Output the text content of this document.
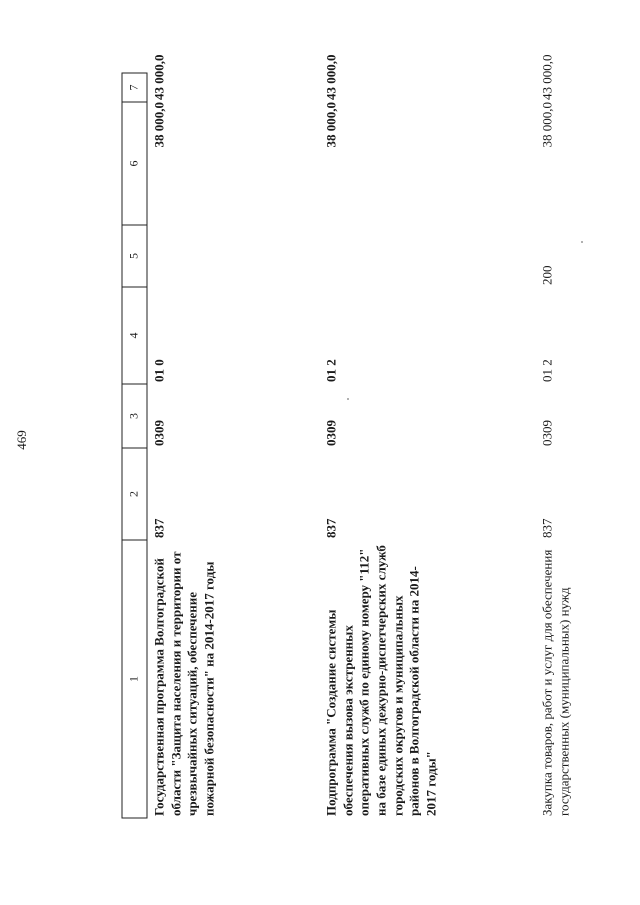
469
1	2	3	4	5	6	7
Государственная программа Волгоградской области "Защита населения и территории от чрезвычайных ситуаций, обеспечение пожарной безопасности" на 2014-2017 годы	837	0309	01 0		38 000,0	43 000,0
Подпрограмма "Создание системы обеспечения вызова экстренных оперативных служб по единому номеру "112" на базе единых дежурно-диспетчерских служб городских округов и муниципальных районов в Волгоградской области на 2014-2017 годы"	837	0309	01 2		38 000,0	43 000,0
Закупка товаров, работ и услуг для обеспечения государственных (муниципальных) нужд	837	0309	01 2	200	38 000,0	43 000,0
